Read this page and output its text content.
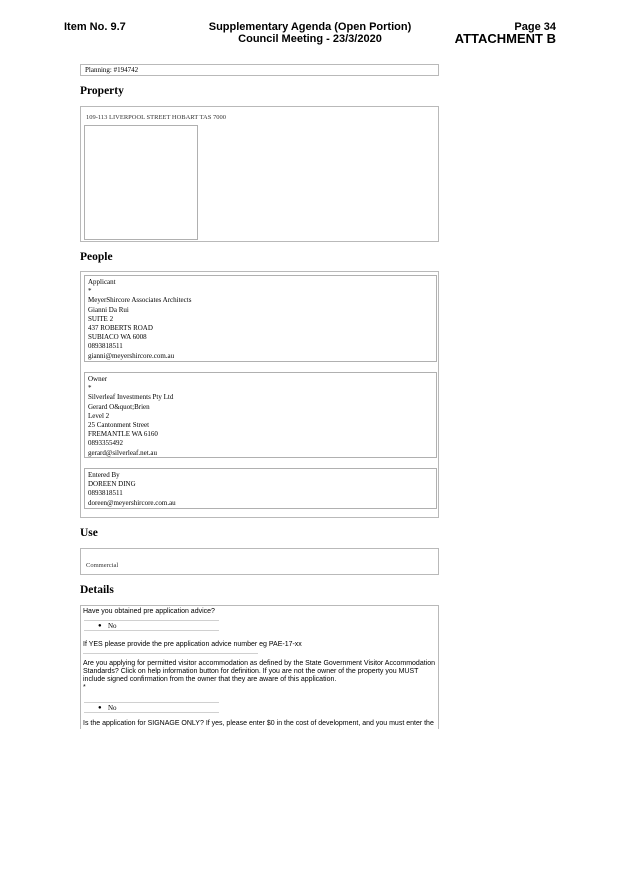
Item No. 9.7	Supplementary Agenda (Open Portion)
Council Meeting - 23/3/2020
Page 34
ATTACHMENT B
Planning: #194742
Property
109-113 LIVERPOOL STREET HOBART TAS 7000
People
Applicant
*
MeyerShircore Associates Architects
Gianni Da Rui
SUITE 2
437 ROBERTS ROAD
SUBIACO WA 6008
0893818511
gianni@meyershircore.com.au
Owner
*
Silverleaf Investments Pty Ltd
Gerard O&quot;Brien
Level 2
25 Cantonment Street
FREMANTLE WA 6160
0893355492
gerard@silverleaf.net.au
Entered By
DOREEN DING
0893818511
doreen@meyershircore.com.au
Use
Commercial
Details
Have you obtained pre application advice?
● No
If YES please provide the pre application advice number eg PAE-17-xx
Are you applying for permitted visitor accommodation as defined by the State Government Visitor Accommodation Standards? Click on help information button for definition. If you are not the owner of the property you MUST include signed confirmation from the owner that they are aware of this application.
*
● No
Is the application for SIGNAGE ONLY? If yes, please enter $0 in the cost of development, and you must enter the
